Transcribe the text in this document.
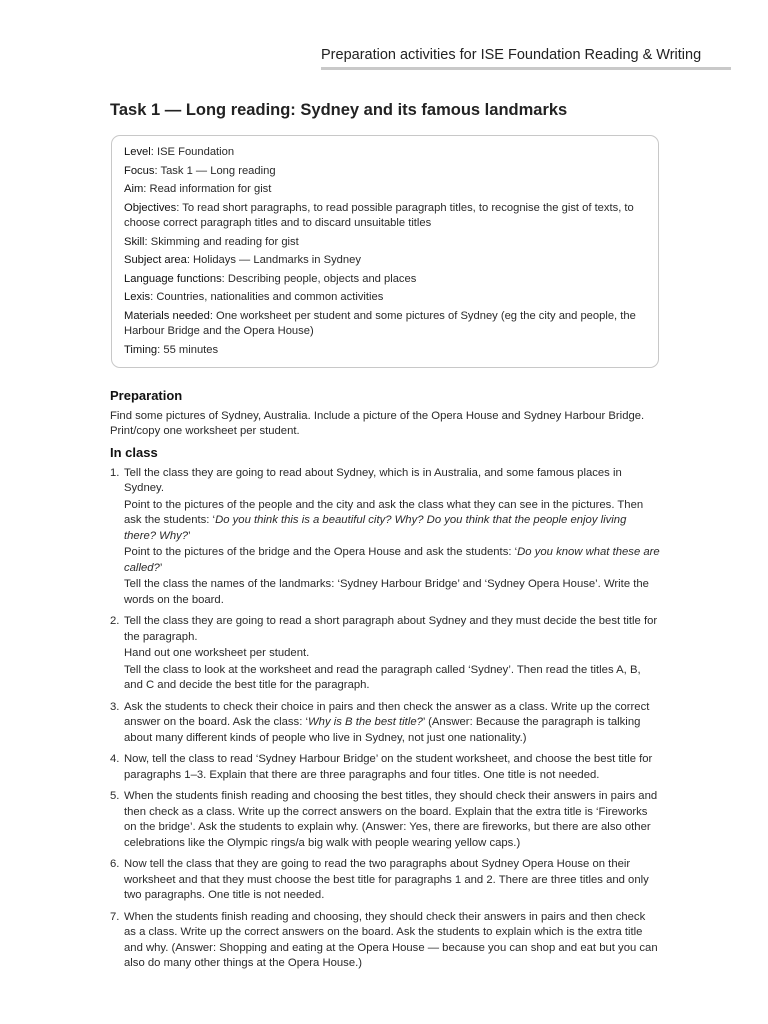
Preparation activities for ISE Foundation Reading & Writing
Task 1 — Long reading: Sydney and its famous landmarks
Level: ISE Foundation
Focus: Task 1 — Long reading
Aim: Read information for gist
Objectives: To read short paragraphs, to read possible paragraph titles, to recognise the gist of texts, to choose correct paragraph titles and to discard unsuitable titles
Skill: Skimming and reading for gist
Subject area: Holidays — Landmarks in Sydney
Language functions: Describing people, objects and places
Lexis: Countries, nationalities and common activities
Materials needed: One worksheet per student and some pictures of Sydney (eg the city and people, the Harbour Bridge and the Opera House)
Timing: 55 minutes
Preparation
Find some pictures of Sydney, Australia. Include a picture of the Opera House and Sydney Harbour Bridge. Print/copy one worksheet per student.
In class
1. Tell the class they are going to read about Sydney, which is in Australia, and some famous places in Sydney.

Point to the pictures of the people and the city and ask the class what they can see in the pictures. Then ask the students: ‘Do you think this is a beautiful city? Why? Do you think that the people enjoy living there? Why?’

Point to the pictures of the bridge and the Opera House and ask the students: ‘Do you know what these are called?’

Tell the class the names of the landmarks: ‘Sydney Harbour Bridge’ and ‘Sydney Opera House’. Write the words on the board.

2. Tell the class they are going to read a short paragraph about Sydney and they must decide the best title for the paragraph.

Hand out one worksheet per student.

Tell the class to look at the worksheet and read the paragraph called ‘Sydney’. Then read the titles A, B, and C and decide the best title for the paragraph.

3. Ask the students to check their choice in pairs and then check the answer as a class. Write up the correct answer on the board. Ask the class: ‘Why is B the best title?’ (Answer: Because the paragraph is talking about many different kinds of people who live in Sydney, not just one nationality.)

4. Now, tell the class to read ‘Sydney Harbour Bridge’ on the student worksheet, and choose the best title for paragraphs 1–3. Explain that there are three paragraphs and four titles. One title is not needed.

5. When the students finish reading and choosing the best titles, they should check their answers in pairs and then check as a class. Write up the correct answers on the board. Explain that the extra title is ‘Fireworks on the bridge’. Ask the students to explain why. (Answer: Yes, there are fireworks, but there are also other celebrations like the Olympic rings/a big walk with people wearing yellow caps.)

6. Now tell the class that they are going to read the two paragraphs about Sydney Opera House on their worksheet and that they must choose the best title for paragraphs 1 and 2. There are three titles and only two paragraphs. One title is not needed.

7. When the students finish reading and choosing, they should check their answers in pairs and then check as a class. Write up the correct answers on the board. Ask the students to explain which is the extra title and why. (Answer: Shopping and eating at the Opera House — because you can shop and eat but you can also do many other things at the Opera House.)
